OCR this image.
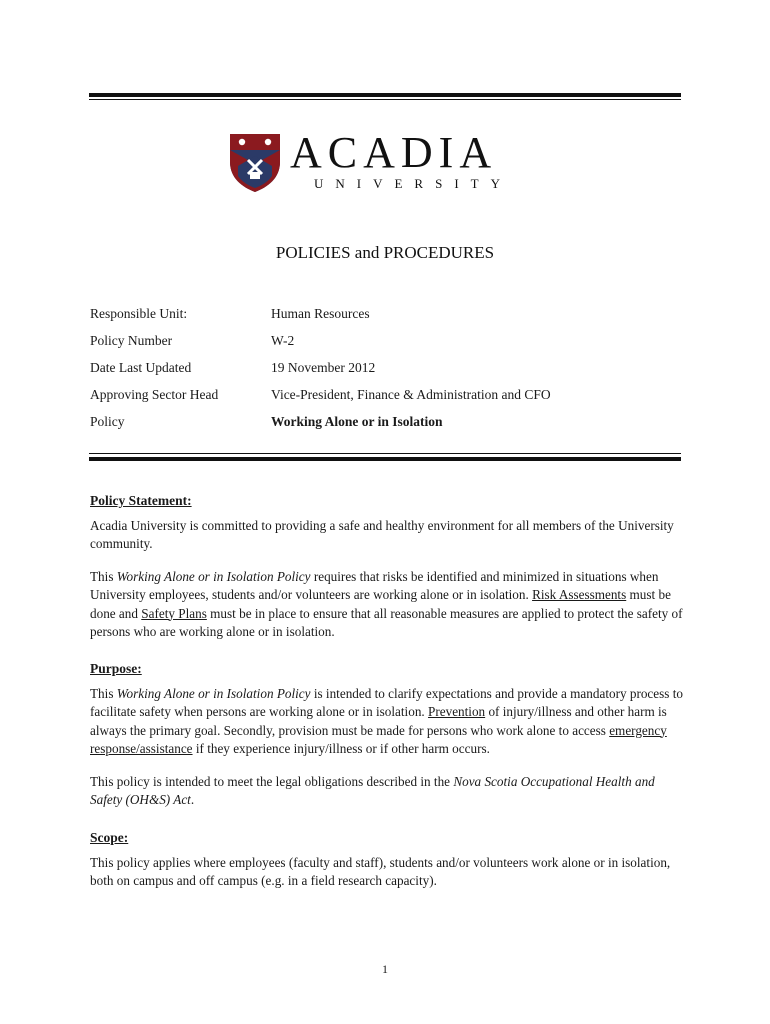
ACADIA
UNIVERSITY
POLICIES and PROCEDURES
Responsible Unit:	Human Resources
Policy Number	W-2
Date Last Updated	19 November 2012
Approving Sector Head	Vice-President, Finance & Administration and CFO
Policy	Working Alone or in Isolation

Policy Statement:

Acadia University is committed to providing a safe and healthy environment for all members of the University community.

This Working Alone or in Isolation Policy requires that risks be identified and minimized in situations when University employees, students and/or volunteers are working alone or in isolation. Risk Assessments must be done and Safety Plans must be in place to ensure that all reasonable measures are applied to protect the safety of persons who are working alone or in isolation.

Purpose:

This Working Alone or in Isolation Policy is intended to clarify expectations and provide a mandatory process to facilitate safety when persons are working alone or in isolation. Prevention of injury/illness and other harm is always the primary goal. Secondly, provision must be made for persons who work alone to access emergency response/assistance if they experience injury/illness or if other harm occurs.

This policy is intended to meet the legal obligations described in the Nova Scotia Occupational Health and Safety (OH&S) Act.

Scope:

This policy applies where employees (faculty and staff), students and/or volunteers work alone or in isolation, both on campus and off campus (e.g. in a field research capacity).

1
